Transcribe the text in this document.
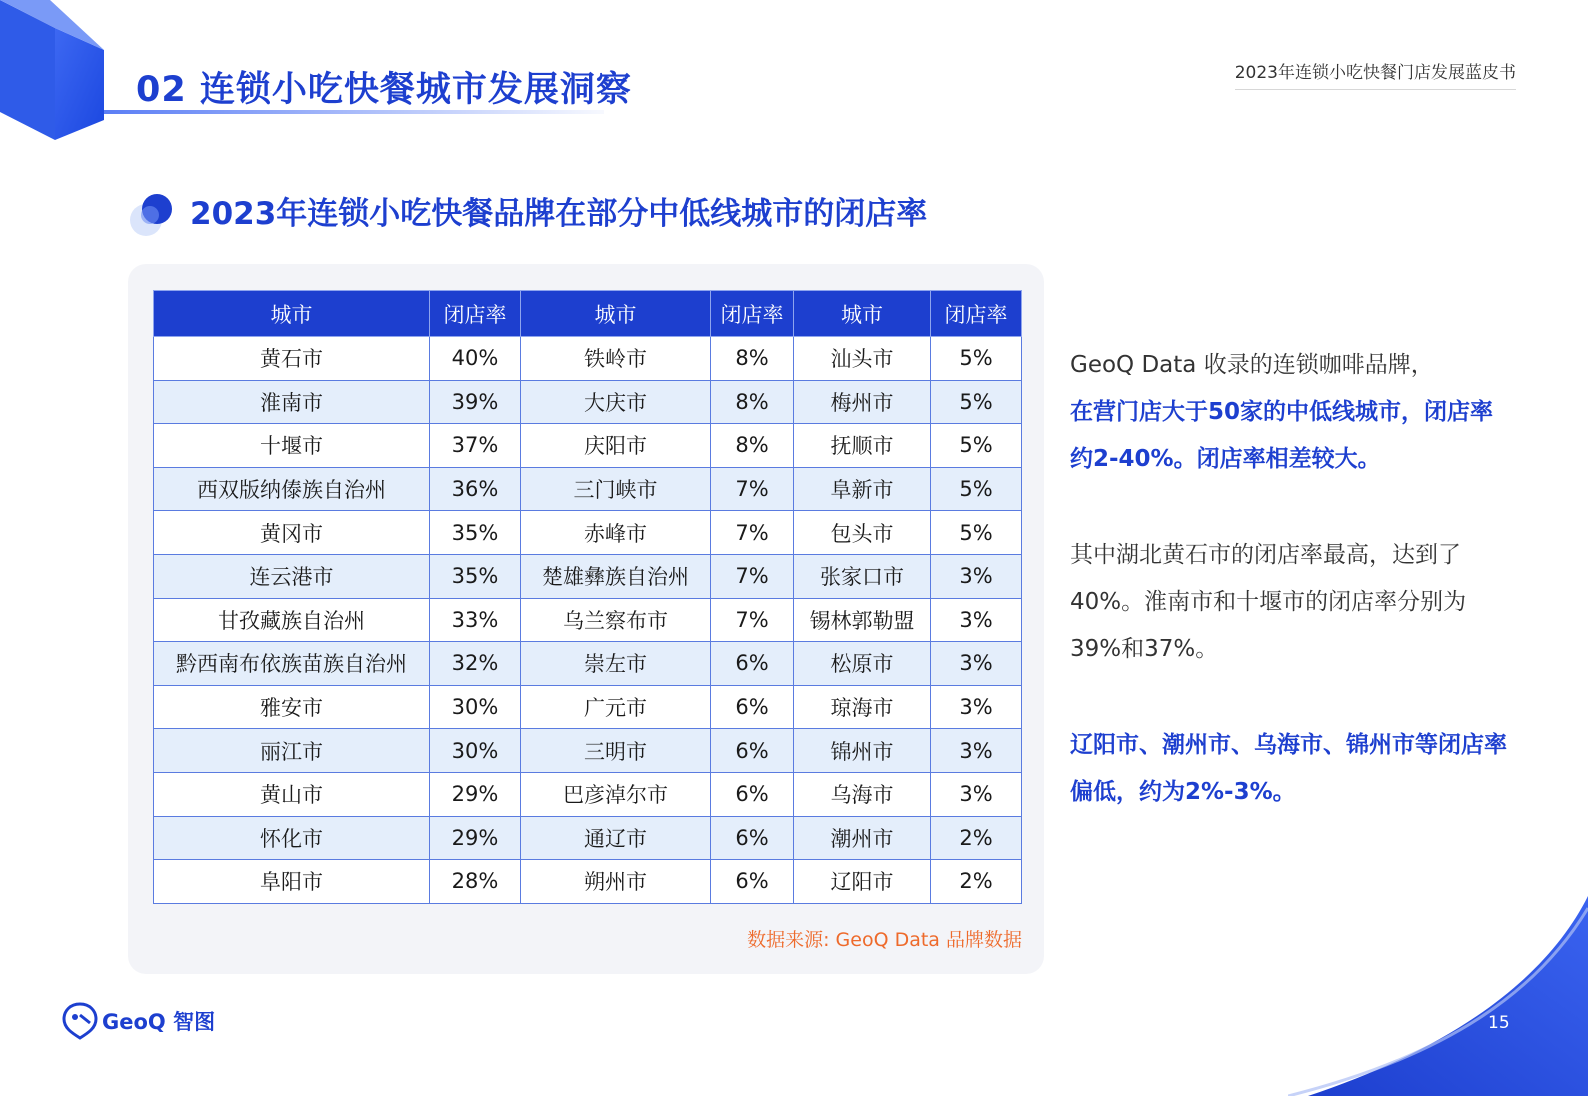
02 连锁小吃快餐城市发展洞察	2023年连锁小吃快餐门店发展蓝皮书
2023年连锁小吃快餐品牌在部分中低线城市的闭店率
城市	闭店率	城市	闭店率	城市	闭店率
黄石市	40%	铁岭市	8%	汕头市	5%
淮南市	39%	大庆市	8%	梅州市	5%
十堰市	37%	庆阳市	8%	抚顺市	5%
西双版纳傣族自治州	36%	三门峡市	7%	阜新市	5%
黄冈市	35%	赤峰市	7%	包头市	5%
连云港市	35%	楚雄彝族自治州	7%	张家口市	3%
甘孜藏族自治州	33%	乌兰察布市	7%	锡林郭勒盟	3%
黔西南布依族苗族自治州	32%	崇左市	6%	松原市	3%
雅安市	30%	广元市	6%	琼海市	3%
丽江市	30%	三明市	6%	锦州市	3%
黄山市	29%	巴彦淖尔市	6%	乌海市	3%
怀化市	29%	通辽市	6%	潮州市	2%
阜阳市	28%	朔州市	6%	辽阳市	2%
数据来源: GeoQ Data 品牌数据

GeoQ Data 收录的连锁咖啡品牌，
在营门店大于50家的中低线城市，闭店率约2-40%。闭店率相差较大。

其中湖北黄石市的闭店率最高，达到了40%。淮南市和十堰市的闭店率分别为39%和37%。

辽阳市、潮州市、乌海市、锦州市等闭店率偏低，约为2%-3%。

GeoQ 智图	15
